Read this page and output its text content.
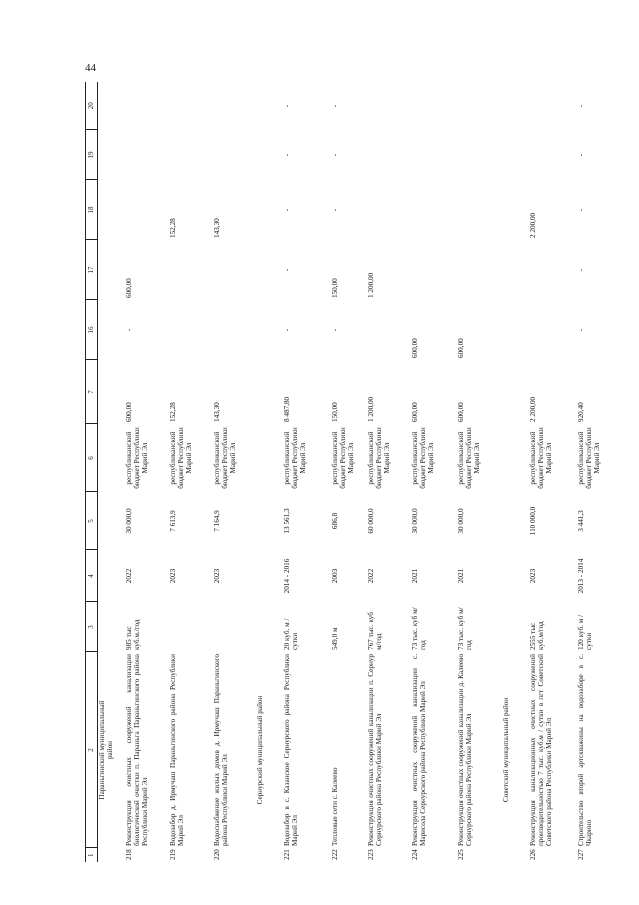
44
1	2	3	4	5	6	7	16	17	18	19	20
	Параньгинский муниципальный район										
218	Реконструкция очистных сооружений канализации биологической очистки п. Параньга Параньгинского района Республики Марий Эл	985 тыс куб.м./год	2022	30 000,0	республиканский бюджет Республики Марий Эл	600,00	-	600,00			
219	Водозабор д. Ирмучаш Параньгинского района Республики Марий Эл		2023	7 613,9	республиканский бюджет Республики Марий Эл	152,28			152,28		
220	Водоснабжение жилых домов д. Ирмучаш Параньгинского района Республики Марий Эл		2023	7 164,9	республиканский бюджет Республики Марий Эл	143,30			143,30		
	Сернурский муниципальный район										
221	Водозабор в с. Казанское Сернурского района Республики Марий Эл	20 куб. м / сутки	2014 - 2016	13 561,3	республиканский бюджет Республики Марий Эл	8 487,80	-	-	-	-	-
222	Тепловые сети с. Калеево	549,0 м	2003	686,8	республиканский бюджет Республики Марий Эл	150,00	-	150,00	-	-	-
223	Реконструкция очистных сооружений канализации п. Сернур Сернурского района Республики Марий Эл	767 тыс. куб м/год	2022	60 000,0	республиканский бюджет Республики Марий Эл	1 200,00		1 200,00			
224	Реконструкция очистных сооружений канализации с. Марисола Сернурского района Республики Марий Эл	73 тыс. куб м/год	2021	30 000,0	республиканский бюджет Республики Марий Эл	600,00	600,00				
225	Реконструкция очистных сооружений канализации д. Калеево Сернурского района Республики Марий Эл	73 тыс. куб м/год	2021	30 000,0	республиканский бюджет Республики Марий Эл	600,00	600,00				
	Советский муниципальный район										
226	Реконструкция канализационных очистных сооружений производительностью 7 тыс. куб.м / сутки в пгт Советский Советского района Республики Марий Эл	2555 тыс куб.м/год	2023	110 000,0	республиканский бюджет Республики Марий Эл	2 200,00			2 200,00		
227	Строительство второй артскважины на водозаборе в с. Чкарино	120 куб. м / сутки	2013 - 2014	3 441,3	республиканский бюджет Республики Марий Эл	920,40	-	-	-	-	-
